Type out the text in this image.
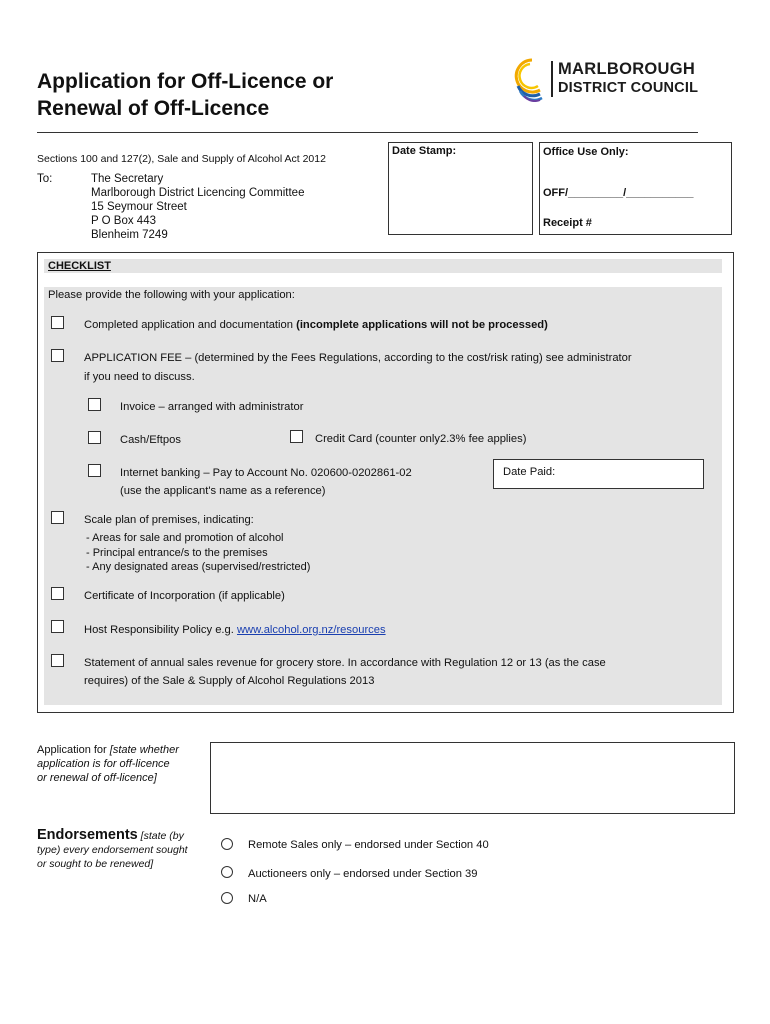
Application for Off-Licence or
Renewal of Off-Licence
MARLBOROUGH
DISTRICT COUNCIL
Sections 100 and 127(2), Sale and Supply of Alcohol Act 2012
To:	The Secretary
Marlborough District Licencing Committee
15 Seymour Street
P O Box 443
Blenheim 7249
Date Stamp:	Office Use Only:
OFF/_________/___________
Receipt #
CHECKLIST
Please provide the following with your application:
Completed application and documentation (incomplete applications will not be processed)
APPLICATION FEE – (determined by the Fees Regulations, according to the cost/risk rating) see administrator
if you need to discuss.
Invoice – arranged with administrator
Cash/Eftpos	Credit Card (counter only2.3% fee applies)
Internet banking – Pay to Account No. 020600-0202861-02
(use the applicant's name as a reference)
Date Paid:
Scale plan of premises, indicating:
- Areas for sale and promotion of alcohol
- Principal entrance/s to the premises
- Any designated areas (supervised/restricted)
Certificate of Incorporation (if applicable)
Host Responsibility Policy e.g. www.alcohol.org.nz/resources
Statement of annual sales revenue for grocery store. In accordance with Regulation 12 or 13 (as the case
requires) of the Sale & Supply of Alcohol Regulations 2013
Application for [state whether
application is for off-licence
or renewal of off-licence]
Endorsements [state (by
type) every endorsement sought
or sought to be renewed]
Remote Sales only – endorsed under Section 40
Auctioneers only – endorsed under Section 39
N/A
